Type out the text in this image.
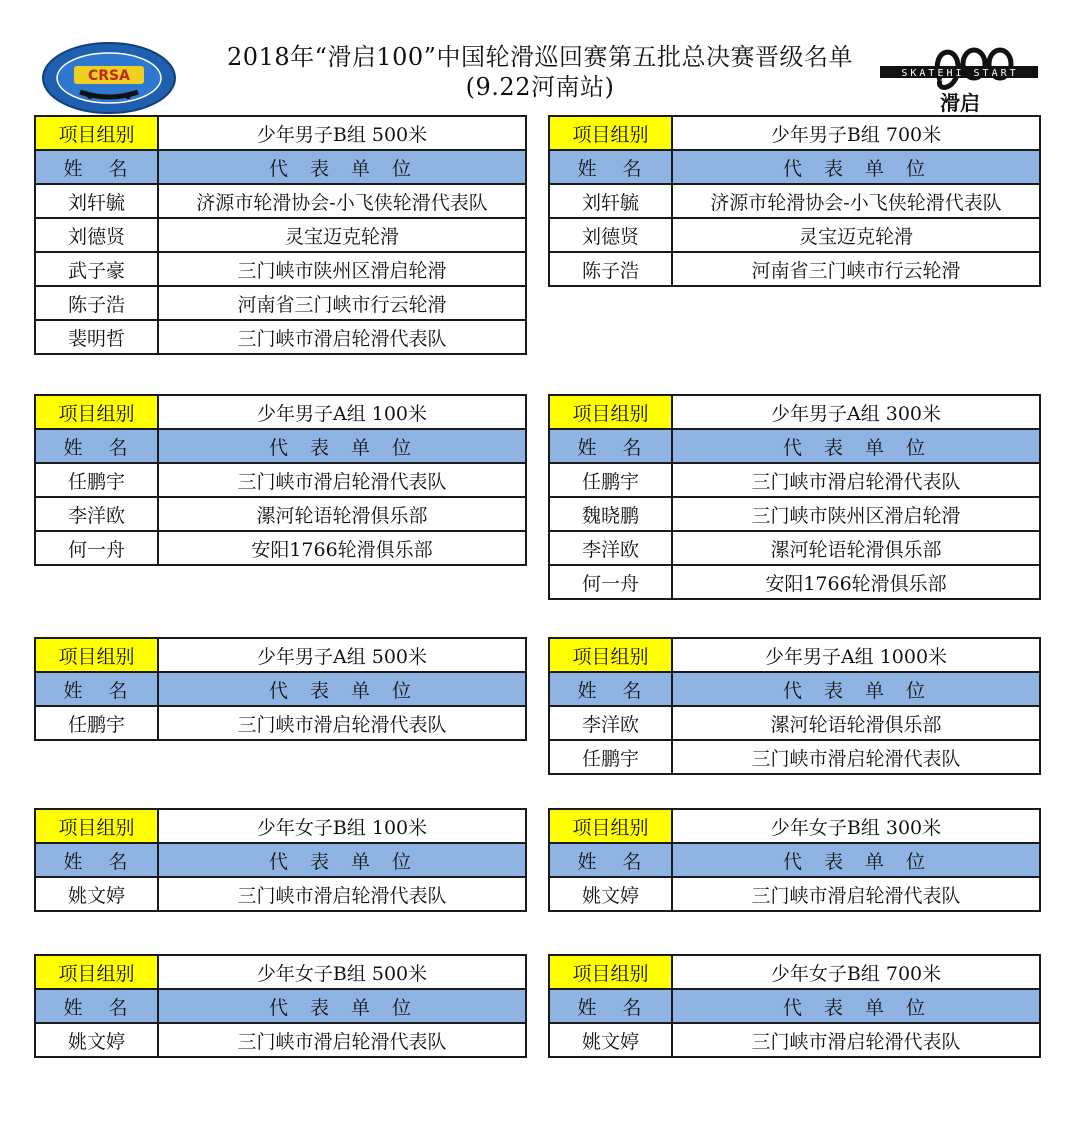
CRSA
2018年“滑启100”中国轮滑巡回赛第五批总决赛晋级名单
(9.22河南站)	SKATEHI START
滑启
项目组别	少年男子B组 500米
姓名	代表单位
刘轩毓	济源市轮滑协会-小飞侠轮滑代表队
刘德贤	灵宝迈克轮滑
武子豪	三门峡市陕州区滑启轮滑
陈子浩	河南省三门峡市行云轮滑
裴明哲	三门峡市滑启轮滑代表队
项目组别	少年男子B组 700米
姓名	代表单位
刘轩毓	济源市轮滑协会-小飞侠轮滑代表队
刘德贤	灵宝迈克轮滑
陈子浩	河南省三门峡市行云轮滑
项目组别	少年男子A组 100米
姓名	代表单位
任鹏宇	三门峡市滑启轮滑代表队
李洋欧	漯河轮语轮滑俱乐部
何一舟	安阳1766轮滑俱乐部
项目组别	少年男子A组 300米
姓名	代表单位
任鹏宇	三门峡市滑启轮滑代表队
魏晓鹏	三门峡市陕州区滑启轮滑
李洋欧	漯河轮语轮滑俱乐部
何一舟	安阳1766轮滑俱乐部
项目组别	少年男子A组 500米
姓名	代表单位
任鹏宇	三门峡市滑启轮滑代表队
项目组别	少年男子A组 1000米
姓名	代表单位
李洋欧	漯河轮语轮滑俱乐部
任鹏宇	三门峡市滑启轮滑代表队
项目组别	少年女子B组 100米
姓名	代表单位
姚文婷	三门峡市滑启轮滑代表队
项目组别	少年女子B组 300米
姓名	代表单位
姚文婷	三门峡市滑启轮滑代表队
项目组别	少年女子B组 500米
姓名	代表单位
姚文婷	三门峡市滑启轮滑代表队
项目组别	少年女子B组 700米
姓名	代表单位
姚文婷	三门峡市滑启轮滑代表队
